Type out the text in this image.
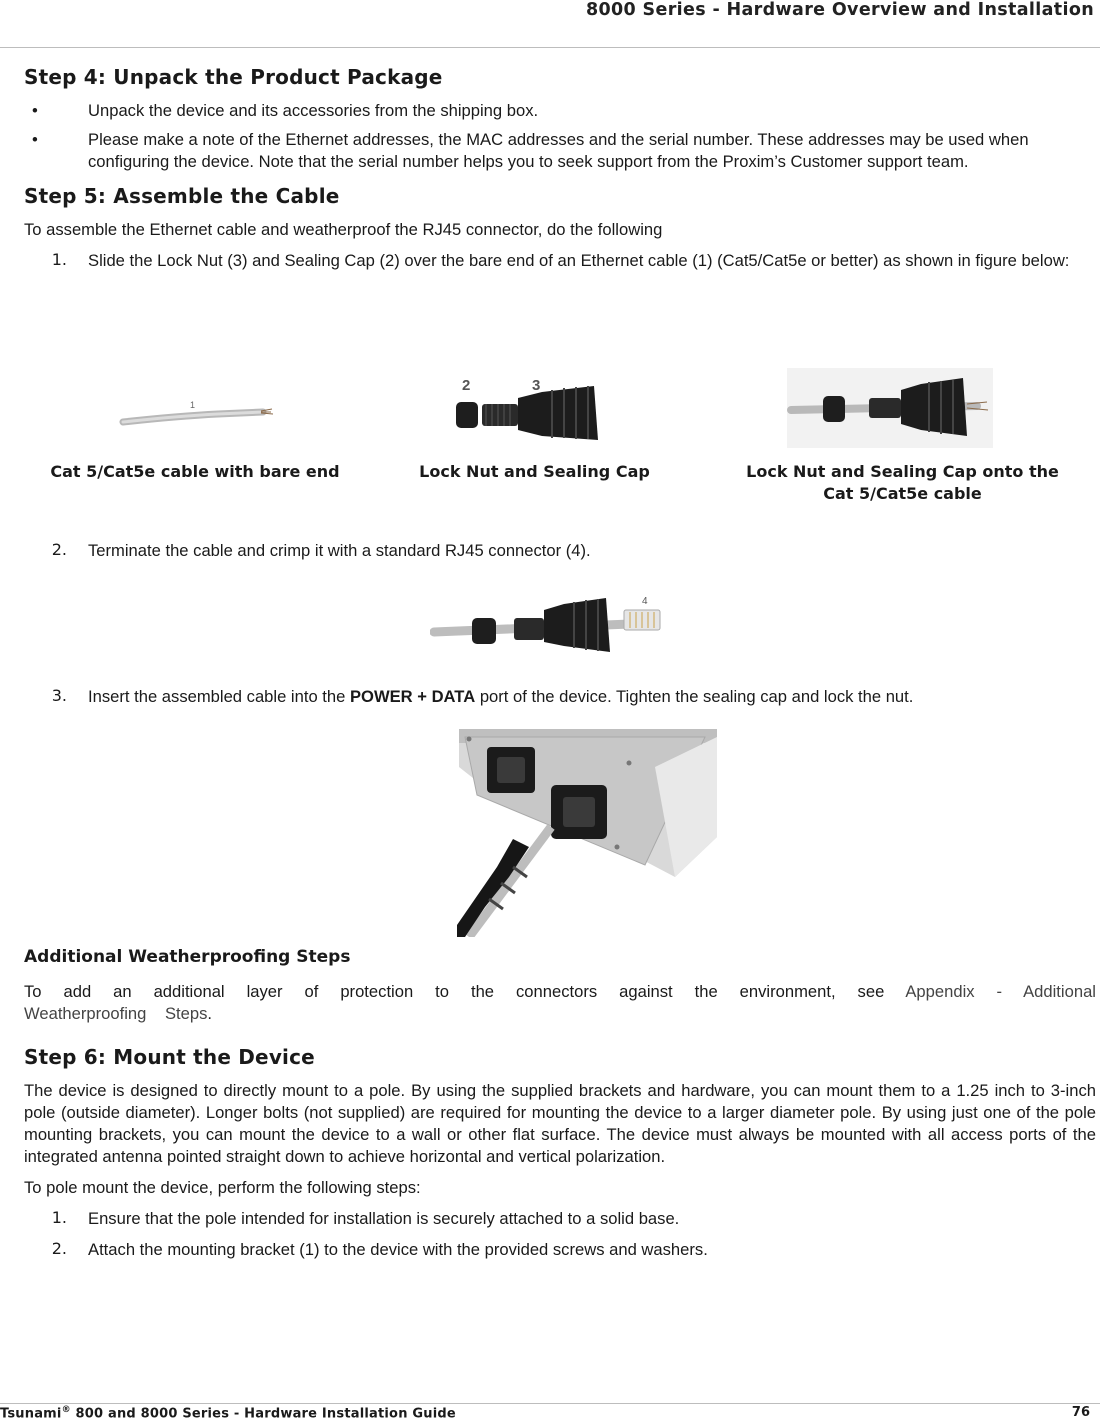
8000 Series - Hardware Overview and Installation
Step 4: Unpack the Product Package
• Unpack the device and its accessories from the shipping box.
• Please make a note of the Ethernet addresses, the MAC addresses and the serial number. These addresses may be used when configuring the device. Note that the serial number helps you to seek support from the Proxim’s Customer support team.
Step 5: Assemble the Cable

To assemble the Ethernet cable and weatherproof the RJ45 connector, do the following

1. Slide the Lock Nut (3) and Sealing Cap (2) over the bare end of an Ethernet cable (1) (Cat5/Cat5e or better) as shown in figure below:

1
2	3
Cat 5/Cat5e cable with bare end	Lock Nut and Sealing Cap	Lock Nut and Sealing Cap onto the
Cat 5/Cat5e cable
2. Terminate the cable and crimp it with a standard RJ45 connector (4).

4
3. Insert the assembled cable into the POWER + DATA port of the device. Tighten the sealing cap and lock the nut.

Additional Weatherproofing Steps

To add an additional layer of protection to the connectors against the environment, see Appendix - Additional Weatherproofing Steps.

Step 6: Mount the Device

The device is designed to directly mount to a pole. By using the supplied brackets and hardware, you can mount them to a 1.25 inch to 3-inch pole (outside diameter). Longer bolts (not supplied) are required for mounting the device to a larger diameter pole. By using just one of the pole mounting brackets, you can mount the device to a wall or other flat surface. The device must always be mounted with all access ports of the integrated antenna pointed straight down to achieve horizontal and vertical polarization.

To pole mount the device, perform the following steps:

1. Ensure that the pole intended for installation is securely attached to a solid base.

2. Attach the mounting bracket (1) to the device with the provided screws and washers.

Tsunami® 800 and 8000 Series - Hardware Installation Guide	76
